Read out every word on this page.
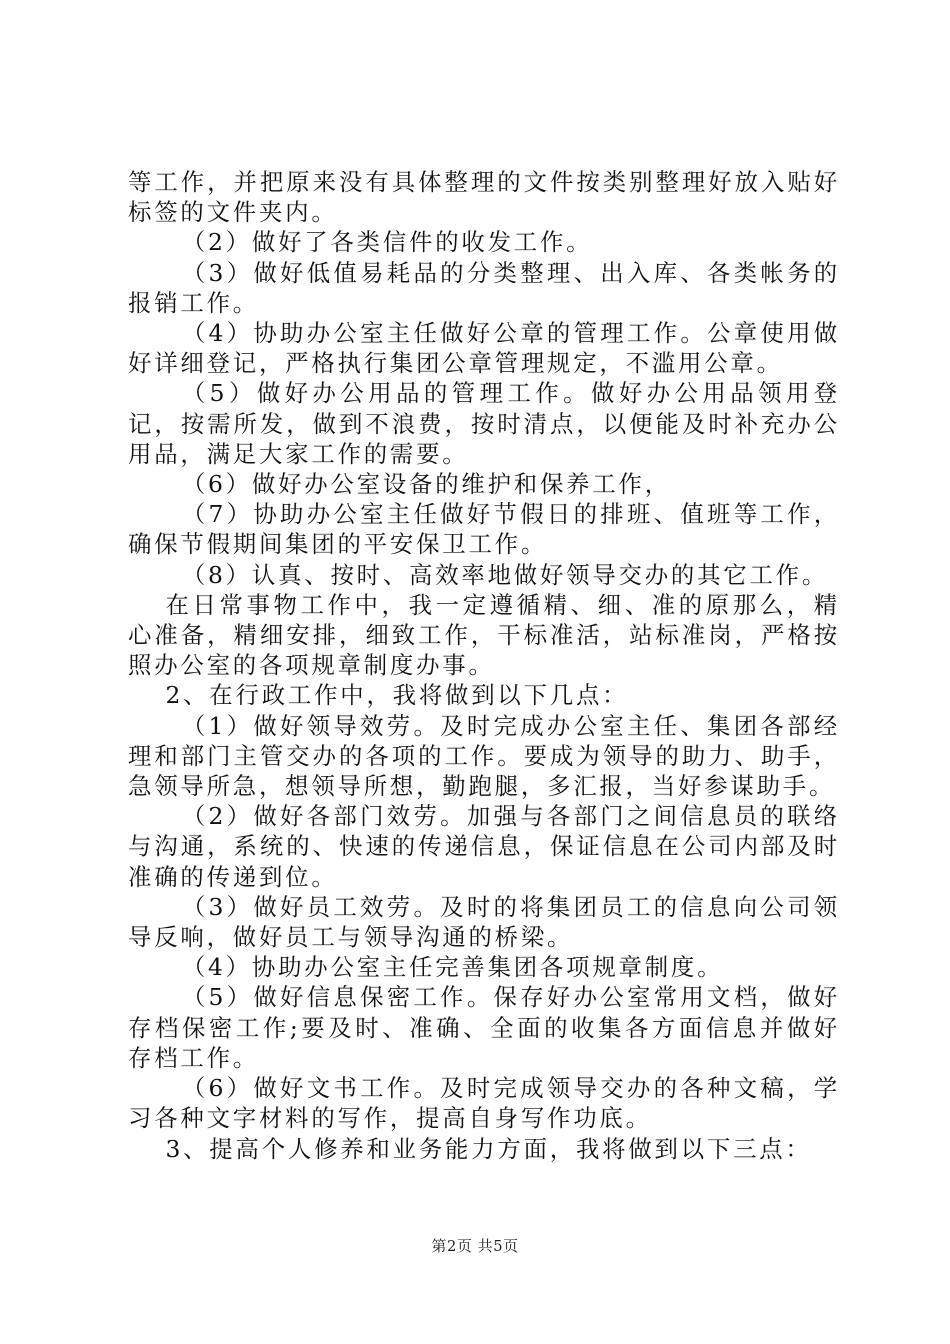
等工作，并把原来没有具体整理的文件按类别整理好放入贴好标签的文件夹内。

（2）做好了各类信件的收发工作。

（3）做好低值易耗品的分类整理、出入库、各类帐务的报销工作。

（4）协助办公室主任做好公章的管理工作。公章使用做好详细登记，严格执行集团公章管理规定，不滥用公章。

（5）做好办公用品的管理工作。做好办公用品领用登记，按需所发，做到不浪费，按时清点，以便能及时补充办公用品，满足大家工作的需要。

（6）做好办公室设备的维护和保养工作，

（7）协助办公室主任做好节假日的排班、值班等工作，确保节假期间集团的平安保卫工作。

（8）认真、按时、高效率地做好领导交办的其它工作。

在日常事物工作中，我一定遵循精、细、准的原那么，精心准备，精细安排，细致工作，干标准活，站标准岗，严格按照办公室的各项规章制度办事。

2、在行政工作中，我将做到以下几点：

（1）做好领导效劳。及时完成办公室主任、集团各部经理和部门主管交办的各项的工作。要成为领导的助力、助手，急领导所急，想领导所想，勤跑腿，多汇报，当好参谋助手。

（2）做好各部门效劳。加强与各部门之间信息员的联络与沟通，系统的、快速的传递信息，保证信息在公司内部及时准确的传递到位。

（3）做好员工效劳。及时的将集团员工的信息向公司领导反响，做好员工与领导沟通的桥梁。

（4）协助办公室主任完善集团各项规章制度。

（5）做好信息保密工作。保存好办公室常用文档，做好存档保密工作;要及时、准确、全面的收集各方面信息并做好存档工作。

（6）做好文书工作。及时完成领导交办的各种文稿，学习各种文字材料的写作，提高自身写作功底。

3、提高个人修养和业务能力方面，我将做到以下三点：

第2页 共5页
